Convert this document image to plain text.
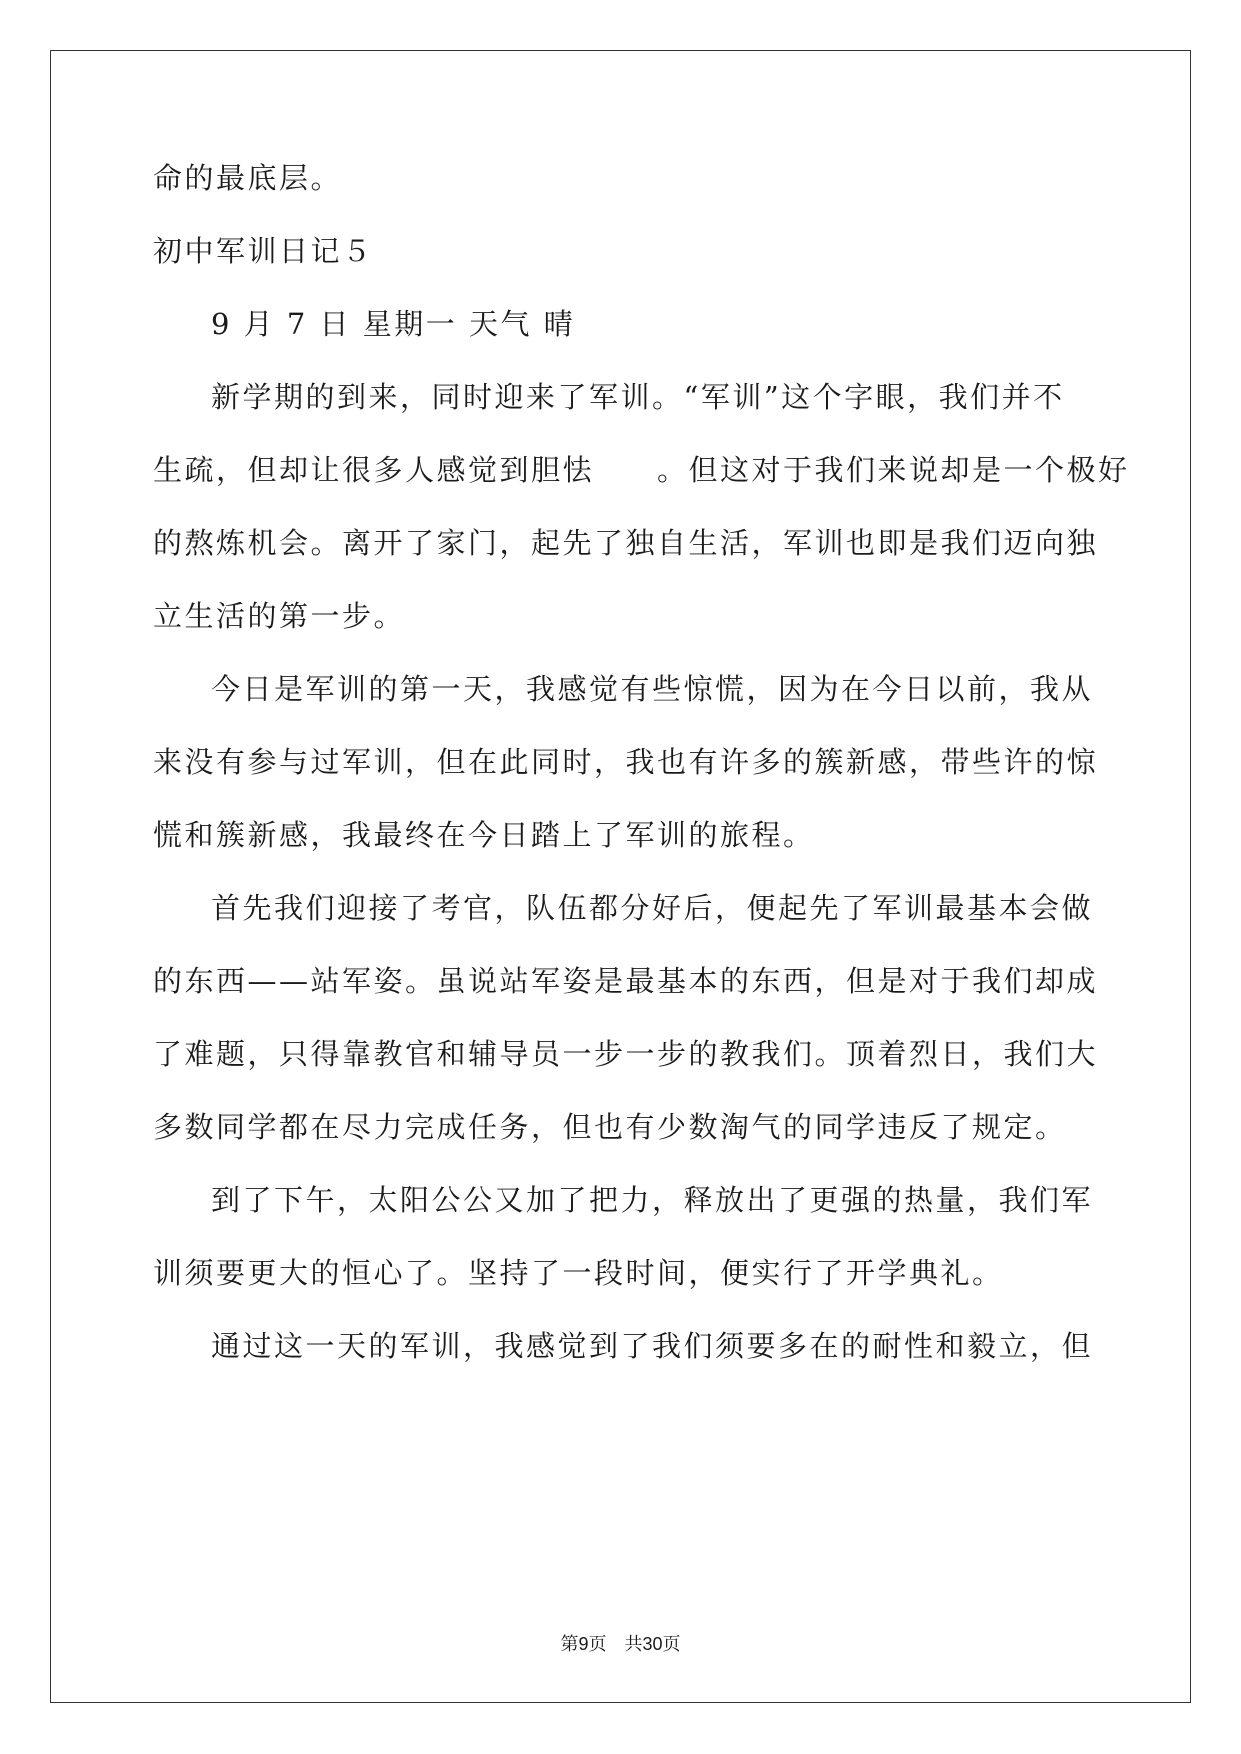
命的最底层。
初中军训日记５
9 月 7 日 星期一 天气 晴
新学期的到来，同时迎来了军训。“军训”这个字眼，我们并不
生疏，但却让很多人感觉到胆怯　　。但这对于我们来说却是一个极好
的熬炼机会。离开了家门，起先了独自生活，军训也即是我们迈向独
立生活的第一步。
今日是军训的第一天，我感觉有些惊慌，因为在今日以前，我从
来没有参与过军训，但在此同时，我也有许多的簇新感，带些许的惊
慌和簇新感，我最终在今日踏上了军训的旅程。
首先我们迎接了考官，队伍都分好后，便起先了军训最基本会做
的东西——站军姿。虽说站军姿是最基本的东西，但是对于我们却成
了难题，只得靠教官和辅导员一步一步的教我们。顶着烈日，我们大
多数同学都在尽力完成任务，但也有少数淘气的同学违反了规定。
到了下午，太阳公公又加了把力，释放出了更强的热量，我们军
训须要更大的恒心了。坚持了一段时间，便实行了开学典礼。
通过这一天的军训，我感觉到了我们须要多在的耐性和毅立，但
第9页　共30页
